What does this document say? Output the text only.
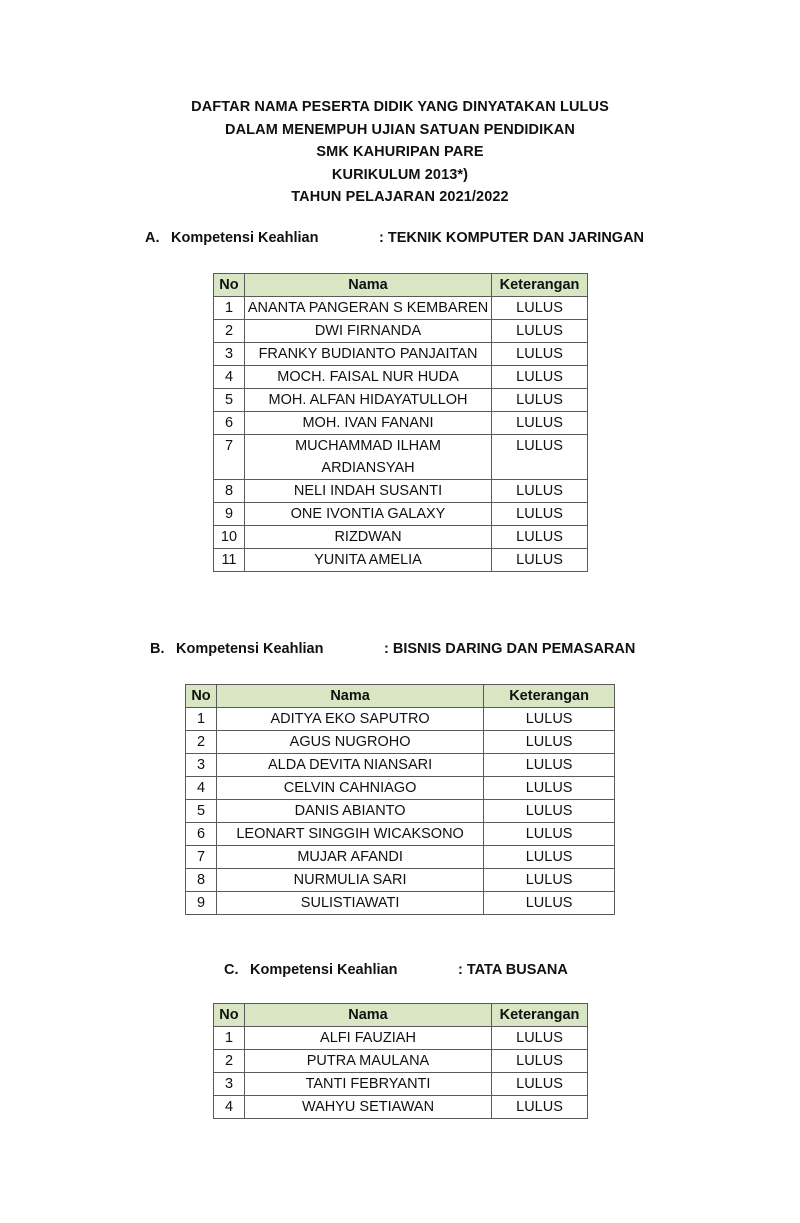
DAFTAR NAMA PESERTA DIDIK YANG DINYATAKAN LULUS
DALAM MENEMPUH UJIAN SATUAN PENDIDIKAN
SMK KAHURIPAN PARE
KURIKULUM 2013*)
TAHUN PELAJARAN 2021/2022
A. Kompetensi Keahlian	: TEKNIK KOMPUTER DAN JARINGAN
No	Nama	Keterangan
1	ANANTA PANGERAN S KEMBAREN	LULUS
2	DWI FIRNANDA	LULUS
3	FRANKY BUDIANTO PANJAITAN	LULUS
4	MOCH. FAISAL NUR HUDA	LULUS
5	MOH. ALFAN HIDAYATULLOH	LULUS
6	MOH. IVAN FANANI	LULUS
7	MUCHAMMAD ILHAM ARDIANSYAH	LULUS
8	NELI INDAH SUSANTI	LULUS
9	ONE IVONTIA GALAXY	LULUS
10	RIZDWAN	LULUS
11	YUNITA AMELIA	LULUS
B. Kompetensi Keahlian	: BISNIS DARING DAN PEMASARAN
No	Nama	Keterangan
1	ADITYA EKO SAPUTRO	LULUS
2	AGUS NUGROHO	LULUS
3	ALDA DEVITA NIANSARI	LULUS
4	CELVIN CAHNIAGO	LULUS
5	DANIS ABIANTO	LULUS
6	LEONART SINGGIH WICAKSONO	LULUS
7	MUJAR AFANDI	LULUS
8	NURMULIA SARI	LULUS
9	SULISTIAWATI	LULUS
C. Kompetensi Keahlian	: TATA BUSANA
No	Nama	Keterangan
1	ALFI FAUZIAH	LULUS
2	PUTRA MAULANA	LULUS
3	TANTI FEBRYANTI	LULUS
4	WAHYU SETIAWAN	LULUS
